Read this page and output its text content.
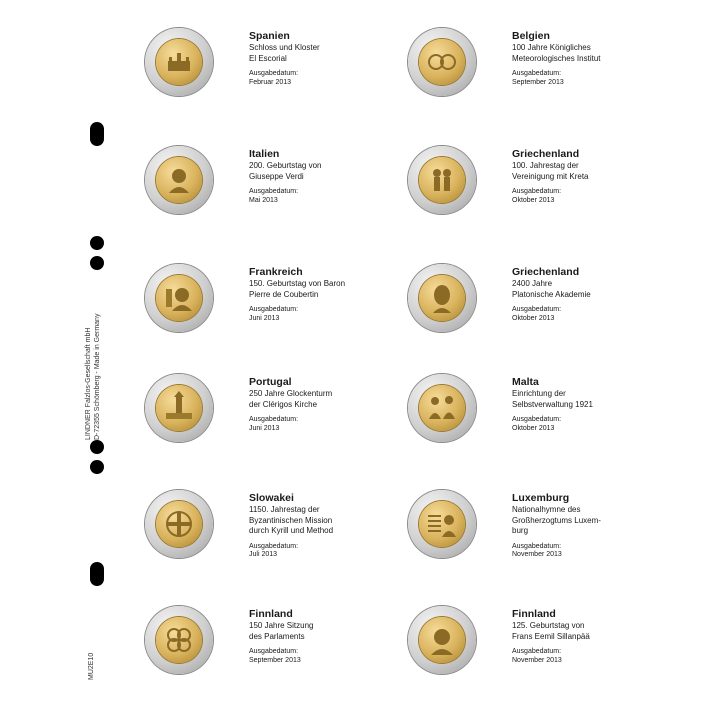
LINDNER Falzlos-Gesellschaft mbH D-72355 Schömberg - Made in Germany
MU2E10
Spanien
Schloss und Kloster
El Escorial
Ausgabedatum:
Februar 2013
Italien
200. Geburtstag von
Giuseppe Verdi
Ausgabedatum:
Mai 2013
Frankreich
150. Geburtstag von Baron
Pierre de Coubertin
Ausgabedatum:
Juni 2013
Portugal
250 Jahre Glockenturm
der Clérigos Kirche
Ausgabedatum:
Juni 2013
Slowakei
1150. Jahrestag der
Byzantinischen Mission
durch Kyrill und Method
Ausgabedatum:
Juli 2013
Finnland
150 Jahre Sitzung
des Parlaments
Ausgabedatum:
September 2013
Belgien
100 Jahre Königliches
Meteorologisches Institut
Ausgabedatum:
September 2013
Griechenland
100. Jahrestag der
Vereinigung mit Kreta
Ausgabedatum:
Oktober 2013
Griechenland
2400 Jahre
Platonische Akademie
Ausgabedatum:
Oktober 2013
Malta
Einrichtung der
Selbstverwaltung 1921
Ausgabedatum:
Oktober 2013
Luxemburg
Nationalhymne des
Großherzogtums Luxem-
burg
Ausgabedatum:
November 2013
Finnland
125. Geburtstag von
Frans Eemil Sillanpää
Ausgabedatum:
November 2013
